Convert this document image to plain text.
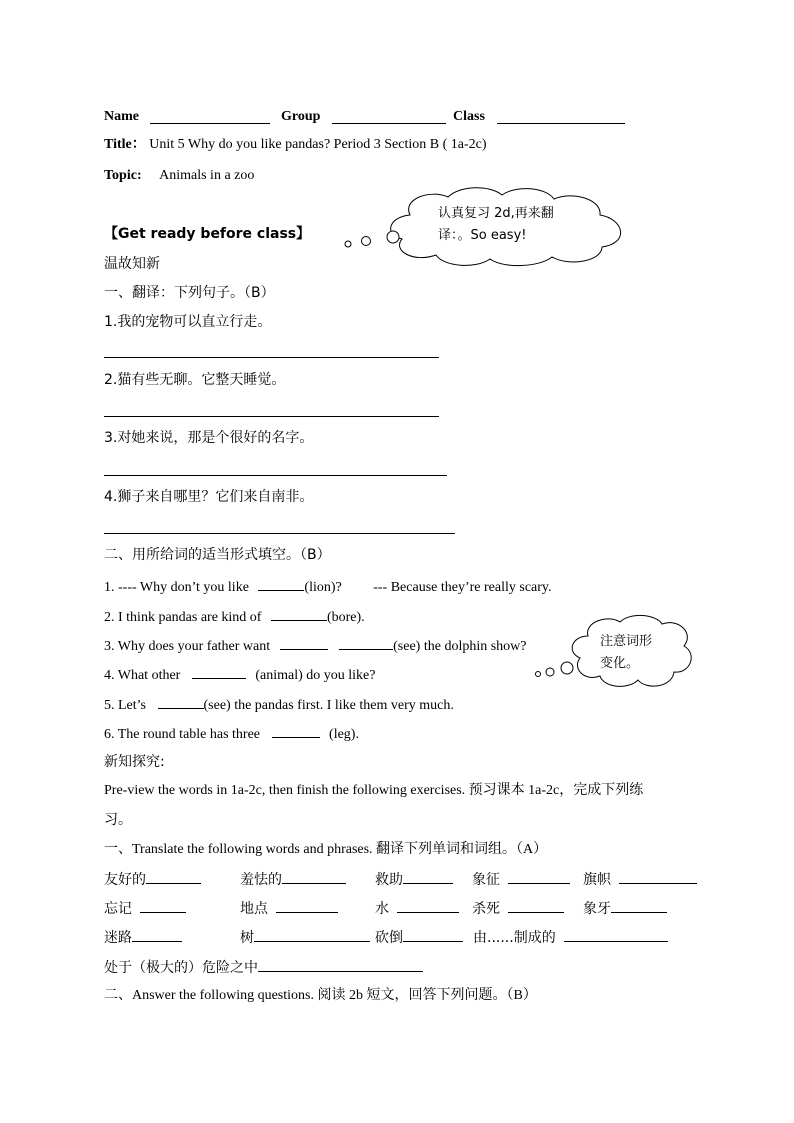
Name	Group	Class
Title： Unit 5 Why do you like pandas? Period 3 Section B ( 1a-2c)
Topic: Animals in a zoo
认真复习 2d,再来翻
译：。So easy!
【Get ready before class】
温故知新
一、翻译：下列句子。（B）
1.我的宠物可以直立行走。
2.猫有些无聊。它整天睡觉。
3.对她来说，那是个很好的名字。
4.狮子来自哪里？它们来自南非。
二、用所给词的适当形式填空。（B）
1. ---- Why don’t you like	(lion)? --- Because they’re really scary.
2. I think pandas are kind of	(bore).
3. Why does your father want	(see) the dolphin show?
4. What other	(animal) do you like?
5. Let’s	(see) the pandas first. I like them very much.
6. The round table has three	(leg).
注意词形
变化。
新知探究:
Pre-view the words in 1a-2c, then finish the following exercises. 预习课本 1a-2c，完成下列练
习。
一、Translate the following words and phrases. 翻译下列单词和词组。（A）
友好的	羞怯的	救助	象征	旗帜
忘记	地点	水	杀死	象牙
迷路	树	砍倒	由......制成的
处于（极大的）危险之中
二、Answer the following questions. 阅读 2b 短文，回答下列问题。（B）
